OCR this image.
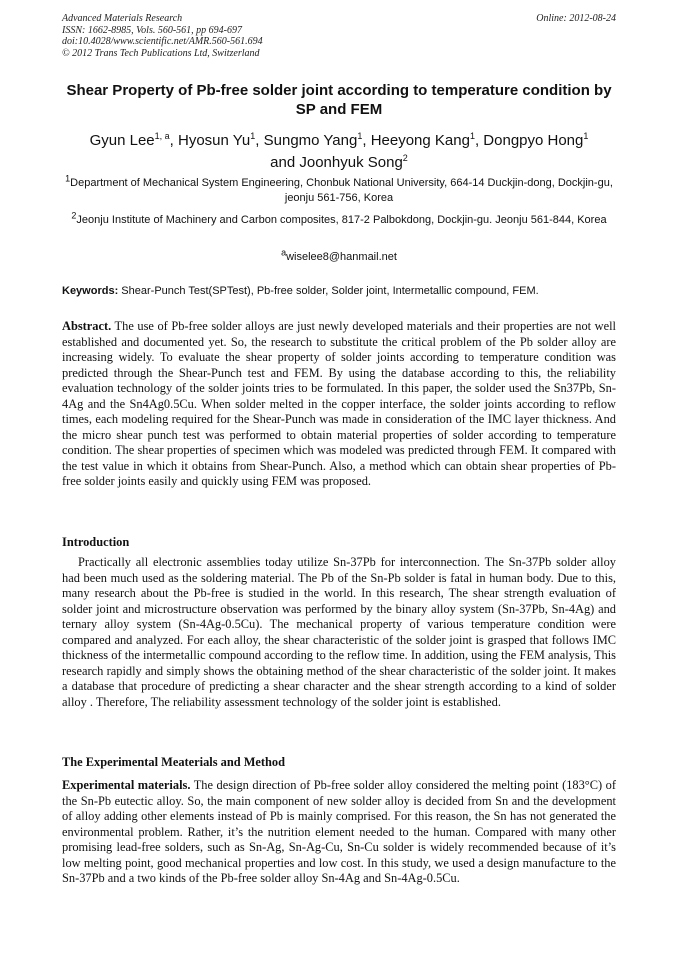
Advanced Materials Research
ISSN: 1662-8985, Vols. 560-561, pp 694-697
doi:10.4028/www.scientific.net/AMR.560-561.694
© 2012 Trans Tech Publications Ltd, Switzerland
Online: 2012-08-24
Shear Property of Pb-free solder joint according to temperature condition by SP and FEM
Gyun Lee$^{1, a}$, Hyosun Yu$^1$, Sungmo Yang$^1$, Heeyong Kang$^1$, Dongpyo Hong$^1$
and Joonhyuk Song$^2$
$^1$Department of Mechanical System Engineering, Chonbuk National University, 664-14 Duckjin-dong, Dockjin-gu, jeonju 561-756, Korea
$^2$Jeonju Institute of Machinery and Carbon composites, 817-2 Palbokdong, Dockjin-gu. Jeonju 561-844, Korea
$^a$wiselee8@hanmail.net
Keywords: Shear-Punch Test(SPTest), Pb-free solder, Solder joint, Intermetallic compound, FEM.
Abstract. The use of Pb-free solder alloys are just newly developed materials and their properties are not well established and documented yet. So, the research to substitute the critical problem of the Pb solder alloy are increasing widely. To evaluate the shear property of solder joints according to temperature condition was predicted through the Shear-Punch test and FEM. By using the database according to this, the reliability evaluation technology of the solder joints tries to be formulated. In this paper, the solder used the Sn37Pb, Sn-4Ag and the Sn4Ag0.5Cu. When solder melted in the copper interface, the solder joints according to reflow times, each modeling required for the Shear-Punch was made in consideration of the IMC layer thickness. And the micro shear punch test was performed to obtain material properties of solder according to temperature condition. The shear properties of specimen which was modeled was predicted through FEM. It compared with the test value in which it obtains from Shear-Punch. Also, a method which can obtain shear properties of Pb-free solder joints easily and quickly using FEM was proposed.
Introduction
Practically all electronic assemblies today utilize Sn-37Pb for interconnection. The Sn-37Pb solder alloy had been much used as the soldering material. The Pb of the Sn-Pb solder is fatal in human body. Due to this, many research about the Pb-free is studied in the world. In this research, The shear strength evaluation of solder joint and microstructure observation was performed by the binary alloy system (Sn-37Pb, Sn-4Ag) and ternary alloy system (Sn-4Ag-0.5Cu). The mechanical property of various temperature condition were compared and analyzed. For each alloy, the shear characteristic of the solder joint is grasped that follows IMC thickness of the intermetallic compound according to the reflow time. In addition, using the FEM analysis, This research rapidly and simply shows the obtaining method of the shear characteristic of the solder joint. It makes a database that procedure of predicting a shear character and the shear strength according to a kind of solder alloy . Therefore, The reliability assessment technology of the solder joint is established.
The Experimental Meaterials and Method
Experimental materials. The design direction of Pb-free solder alloy considered the melting point (183°C) of the Sn-Pb eutectic alloy. So, the main component of new solder alloy is decided from Sn and the development of alloy adding other elements instead of Pb is mainly comprised. For this reason, the Sn has not generated the environmental problem. Rather, it’s the nutrition element needed to the human. Compared with many other promising lead-free solders, such as Sn-Ag, Sn-Ag-Cu, Sn-Cu solder is widely recommended because of it’s low melting point, good mechanical properties and low cost. In this study, we used a design manufacture to the Sn-37Pb and a two kinds of the Pb-free solder alloy Sn-4Ag and Sn-4Ag-0.5Cu.
